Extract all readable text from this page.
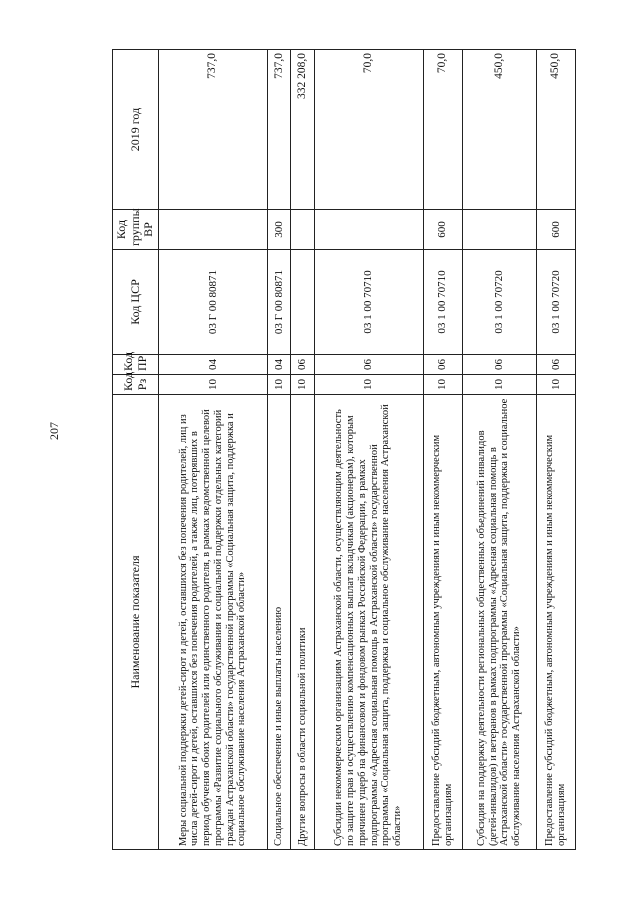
207
Наименование показателя	Код Рз	Код ПР	Код ЦСР	Код группы ВР	2019 год
Меры социальной поддержки детей-сирот и детей, оставшихся без попечения родителей, лиц из числа детей-сирот и детей, оставшихся без попечения родителей, а также лиц, потерявших в период обучения обоих родителей или единственного родителя, в рамках ведомственной целевой программы «Развитие социального обслуживания и социальной поддержки отдельных категорий граждан Астраханской области» государственной программы «Социальная защита, поддержка и социальное обслуживание населения Астраханской области»	10	04	03 Г 00 80871		737,0
Социальное обеспечение и иные выплаты населению	10	04	03 Г 00 80871	300	737,0
Другие вопросы в области социальной политики	10	06			332 208,0
Субсидии некоммерческим организациям Астраханской области, осуществляющим деятельность по защите прав и осуществлению компенсационных выплат вкладчикам (акционерам), которым причинен ущерб на финансовом и фондовом рынках Российской Федерации, в рамках подпрограммы «Адресная социальная помощь в Астраханской области» государственной программы «Социальная защита, поддержка и социальное обслуживание населения Астраханской области»	10	06	03 1 00 70710		70,0
Предоставление субсидий бюджетным, автономным учреждениям и иным некоммерческим организациям	10	06	03 1 00 70710	600	70,0
Субсидия на поддержку деятельности региональных общественных объединений инвалидов (детей-инвалидов) и ветеранов в рамках подпрограммы «Адресная социальная помощь в Астраханской области» государственной программы «Социальная защита, поддержка и социальное обслуживание населения Астраханской области»	10	06	03 1 00 70720		450,0
Предоставление субсидий бюджетным, автономным учреждениям и иным некоммерческим организациям	10	06	03 1 00 70720	600	450,0
